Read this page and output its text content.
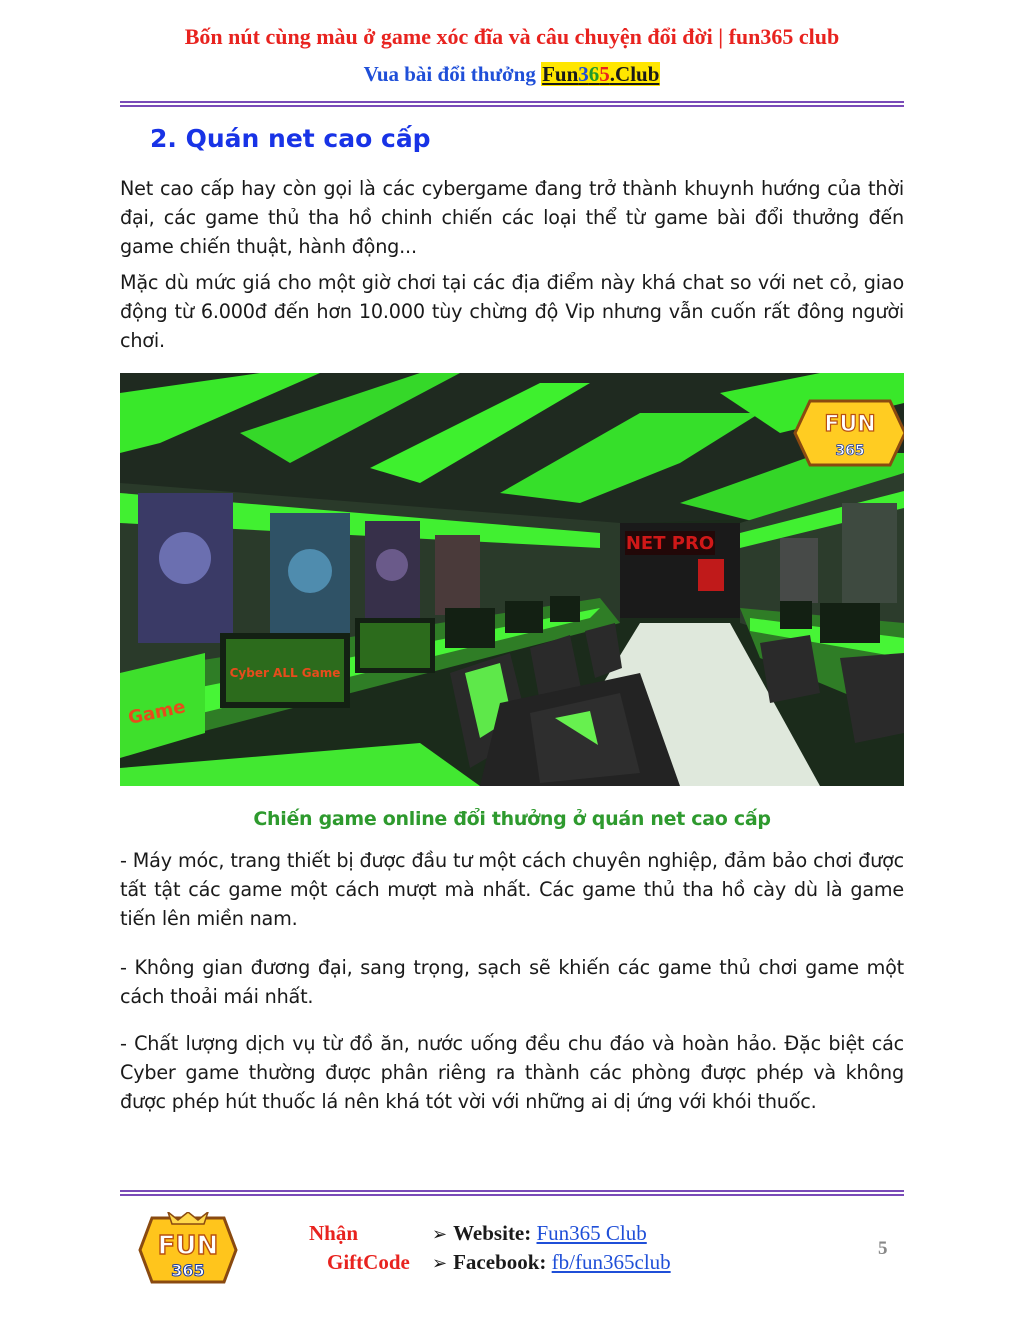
Bốn nút cùng màu ở game xóc đĩa và câu chuyện đổi đời | fun365 club
Vua bài đổi thưởng Fun365.Club
2. Quán net cao cấp

Net cao cấp hay còn gọi là các cybergame đang trở thành khuynh hướng của thời đại, các game thủ tha hồ chinh chiến các loại thể từ game bài đổi thưởng đến game chiến thuật, hành động...

Mặc dù mức giá cho một giờ chơi tại các địa điểm này khá chat so với net cỏ, giao động từ 6.000đ đến hơn 10.000 tùy chừng độ Vip nhưng vẫn cuốn rất đông người chơi.

NET PRO
Cyber ALL Game
Game
FUN
365
Chiến game online đổi thưởng ở quán net cao cấp

- Máy móc, trang thiết bị được đầu tư một cách chuyên nghiệp, đảm bảo chơi được tất tật các game một cách mượt mà nhất. Các game thủ tha hồ cày dù là game tiến lên miền nam.

- Không gian đương đại, sang trọng, sạch sẽ khiến các game thủ chơi game một cách thoải mái nhất.

- Chất lượng dịch vụ từ đồ ăn, nước uống đều chu đáo và hoàn hảo. Đặc biệt các Cyber game thường được phân riêng ra thành các phòng được phép và không được phép hút thuốc lá nên khá tót vời với những ai dị ứng với khói thuốc.

FUN
365
Nhận
GiftCode
➢ Website: Fun365 Club
➢ Facebook: fb/fun365club
5
